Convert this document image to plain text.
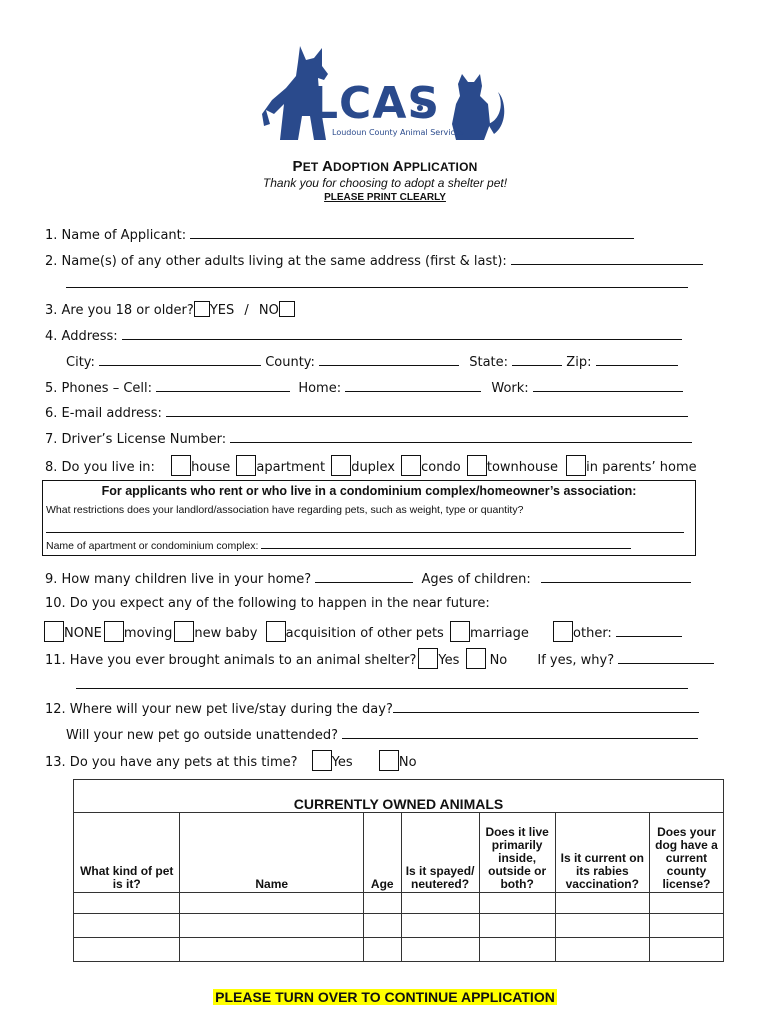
LCAS
Loudoun County Animal Services
PET ADOPTION APPLICATION
Thank you for choosing to adopt a shelter pet!
PLEASE PRINT CLEARLY
1. Name of Applicant:
2. Name(s) of any other adults living at the same address (first & last):
3. Are you 18 or older? YES / NO
4. Address:
City:	County:	State:	Zip:
5. Phones – Cell:	Home:	Work:
6. E-mail address:
7. Driver’s License Number:
8. Do you live in:	house apartment duplex condo townhouse in parents’ home
For applicants who rent or who live in a condominium complex/homeowner’s association:
What restrictions does your landlord/association have regarding pets, such as weight, type or quantity?
Name of apartment or condominium complex:
9. How many children live in your home?	Ages of children:
10. Do you expect any of the following to happen in the near future:
NONE moving new baby acquisition of other pets marriage	other:
11. Have you ever brought animals to an animal shelter? Yes No If yes, why?
12. Where will your new pet live/stay during the day?
Will your new pet go outside unattended?
13. Do you have any pets at this time?	Yes	No
CURRENTLY OWNED ANIMALS						
What kind of pet is it?	Name	Age	Is it spayed/ neutered?	Does it live primarily inside, outside or both?	Is it current on its rabies vaccination?	Does your dog have a current county license?

PLEASE TURN OVER TO CONTINUE APPLICATION
